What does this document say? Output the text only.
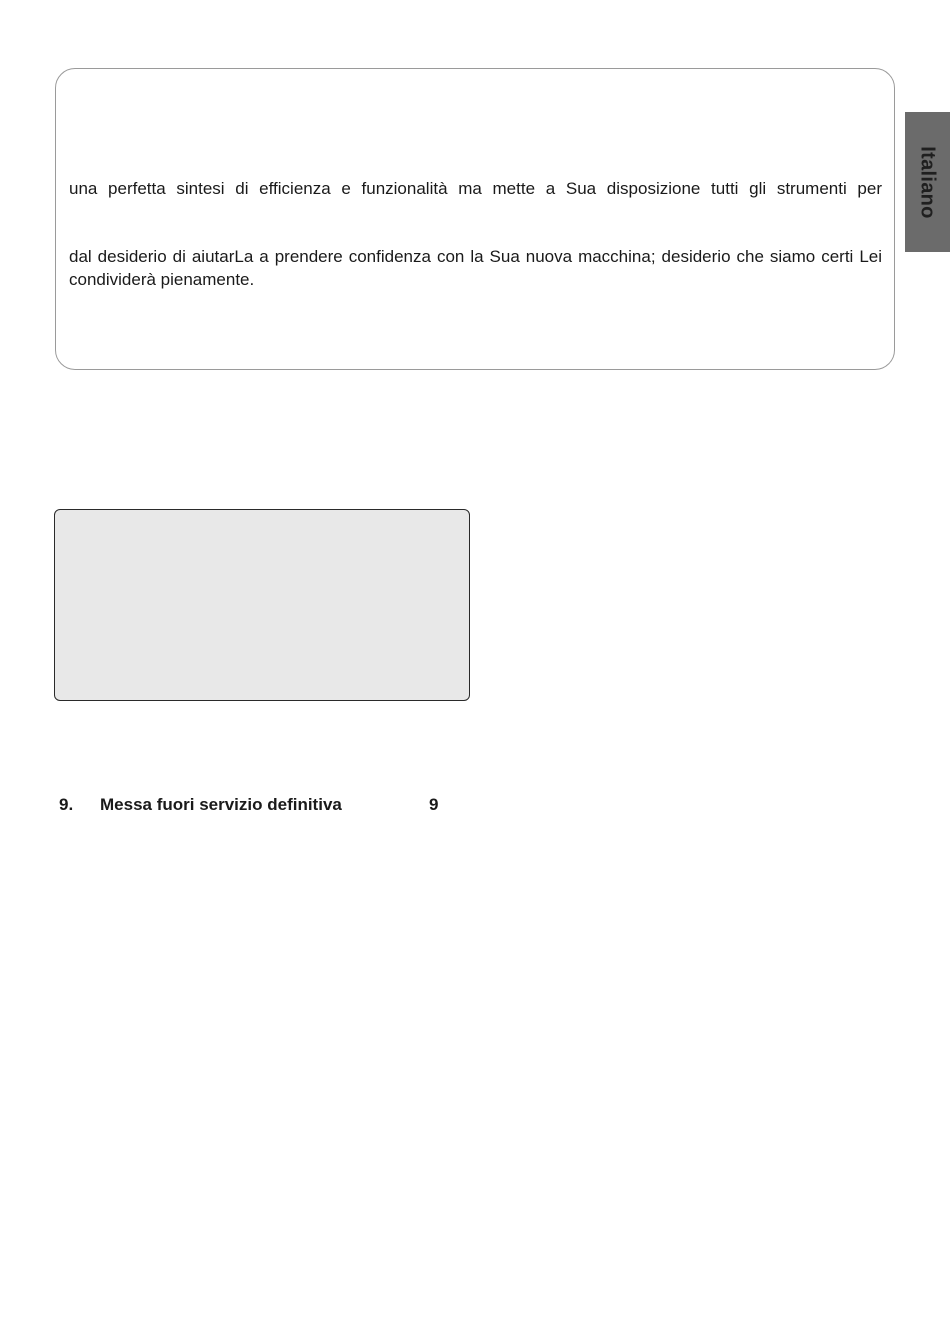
una perfetta sintesi di efficienza e funzionalità ma mette a Sua disposizione tutti gli strumenti per

dal desiderio di aiutarLa a prendere confidenza con la Sua nuova macchina; desiderio che siamo certi Lei condividerà pienamente.

Italiano
9. Messa fuori servizio definitiva	9
